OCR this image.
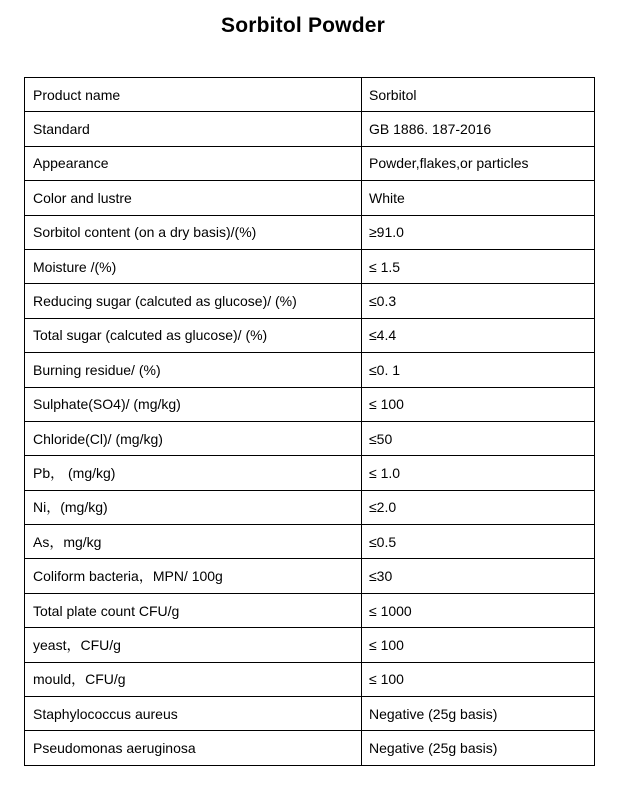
Sorbitol Powder
Product name	Sorbitol
Standard	GB 1886. 187-2016
Appearance	Powder,flakes,or particles
Color and lustre	White
Sorbitol content (on a dry basis)/(%)	≥91.0
Moisture /(%)	≤ 1.5
Reducing sugar (calcuted as glucose)/ (%)	≤0.3
Total sugar (calcuted as glucose)/ (%)	≤4.4
Burning residue/ (%)	≤0. 1
Sulphate(SO4)/ (mg/kg)	≤ 100
Chloride(Cl)/ (mg/kg)	≤50
Pb， (mg/kg)	≤ 1.0
Ni，(mg/kg)	≤2.0
As，mg/kg	≤0.5
Coliform bacteria，MPN/ 100g	≤30
Total plate count CFU/g	≤ 1000
yeast，CFU/g	≤ 100
mould，CFU/g	≤ 100
Staphylococcus aureus	Negative (25g basis)
Pseudomonas aeruginosa	Negative (25g basis)
